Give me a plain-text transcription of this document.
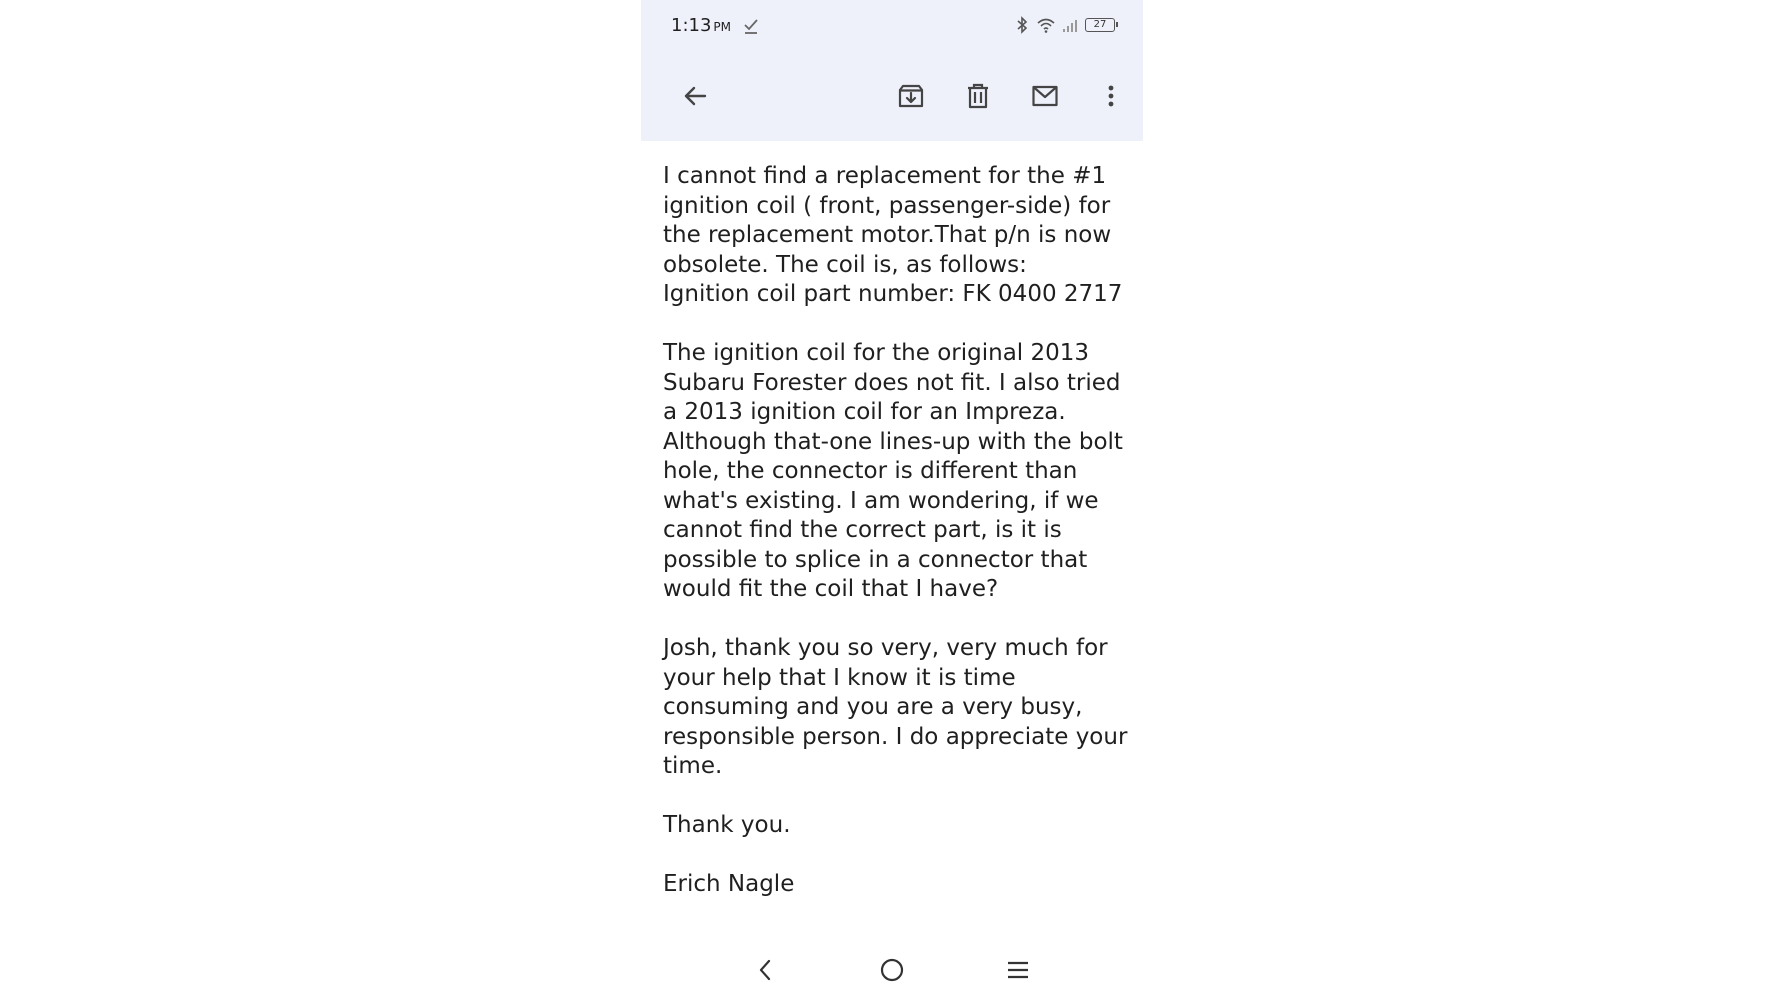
1:13 PM	27

I cannot find a replacement for the #1
ignition coil ( front, passenger-side) for
the replacement motor.That p/n is now
obsolete. The coil is, as follows:
Ignition coil part number: FK 0400 2717

The ignition coil for the original 2013
Subaru Forester does not fit. I also tried
a 2013 ignition coil for an Impreza.
Although that-one lines-up with the bolt
hole, the connector is different than
what's existing. I am wondering, if we
cannot find the correct part, is it is
possible to splice in a connector that
would fit the coil that I have?

Josh, thank you so very, very much for
your help that I know it is time
consuming and you are a very busy,
responsible person. I do appreciate your
time.

Thank you.

Erich Nagle
